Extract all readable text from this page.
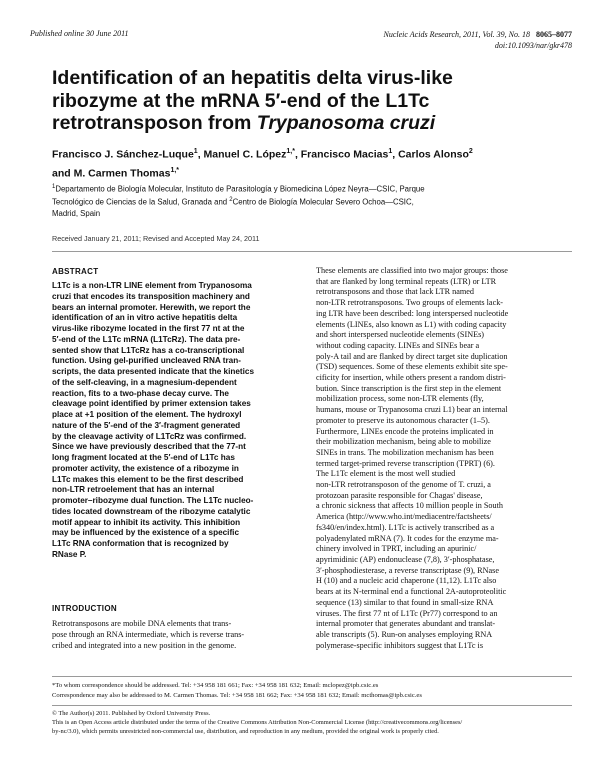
Published online 30 June 2011	Nucleic Acids Research, 2011, Vol. 39, No. 18 8065–8077
doi:10.1093/nar/gkr478
Identification of an hepatitis delta virus-like
ribozyme at the mRNA 5′-end of the L1Tc
retrotransposon from Trypanosoma cruzi
Francisco J. Sánchez-Luque$^1$, Manuel C. López$^{1,*}$, Francisco Macias$^1$, Carlos Alonso$^2$
and M. Carmen Thomas$^{1,*}$
$^1$Departamento de Biología Molecular, Instituto de Parasitología y Biomedicina López Neyra—CSIC, Parque
Tecnológico de Ciencias de la Salud, Granada and $^2$Centro de Biología Molecular Severo Ochoa—CSIC,
Madrid, Spain
Received January 21, 2011; Revised and Accepted May 24, 2011
ABSTRACT
L1Tc is a non-LTR LINE element from Trypanosoma
cruzi that encodes its transposition machinery and
bears an internal promoter. Herewith, we report the
identification of an in vitro active hepatitis delta
virus-like ribozyme located in the first 77 nt at the
5′-end of the L1Tc mRNA (L1TcRz). The data pre-
sented show that L1TcRz has a co-transcriptional
function. Using gel-purified uncleaved RNA tran-
scripts, the data presented indicate that the kinetics
of the self-cleaving, in a magnesium-dependent
reaction, fits to a two-phase decay curve. The
cleavage point identified by primer extension takes
place at +1 position of the element. The hydroxyl
nature of the 5′-end of the 3′-fragment generated
by the cleavage activity of L1TcRz was confirmed.
Since we have previously described that the 77-nt
long fragment located at the 5′-end of L1Tc has
promoter activity, the existence of a ribozyme in
L1Tc makes this element to be the first described
non-LTR retroelement that has an internal
promoter–ribozyme dual function. The L1Tc nucleo-
tides located downstream of the ribozyme catalytic
motif appear to inhibit its activity. This inhibition
may be influenced by the existence of a specific
L1Tc RNA conformation that is recognized by
RNase P.
INTRODUCTION
Retrotransposons are mobile DNA elements that trans-
pose through an RNA intermediate, which is reverse trans-
cribed and integrated into a new position in the genome.
These elements are classified into two major groups: those
that are flanked by long terminal repeats (LTR) or LTR
retrotransposons and those that lack LTR named
non-LTR retrotransposons. Two groups of elements lack-
ing LTR have been described: long interspersed nucleotide
elements (LINEs, also known as L1) with coding capacity
and short interspersed nucleotide elements (SINEs)
without coding capacity. LINEs and SINEs bear a
poly-A tail and are flanked by direct target site duplication
(TSD) sequences. Some of these elements exhibit site spe-
cificity for insertion, while others present a random distri-
bution. Since transcription is the first step in the element
mobilization process, some non-LTR elements (fly,
humans, mouse or Trypanosoma cruzi L1) bear an internal
promoter to preserve its autonomous character (1–5).
Furthermore, LINEs encode the proteins implicated in
their mobilization mechanism, being able to mobilize
SINEs in trans. The mobilization mechanism has been
termed target-primed reverse transcription (TPRT) (6).
The L1Tc element is the most well studied
non-LTR retrotransposon of the genome of T. cruzi, a
protozoan parasite responsible for Chagas' disease,
a chronic sickness that affects 10 million people in South
America (http://www.who.int/mediacentre/factsheets/
fs340/en/index.html). L1Tc is actively transcribed as a
polyadenylated mRNA (7). It codes for the enzyme ma-
chinery involved in TPRT, including an apurinic/
apyrimidinic (AP) endonuclease (7,8), 3′-phosphatase,
3′-phosphodiesterase, a reverse transcriptase (9), RNase
H (10) and a nucleic acid chaperone (11,12). L1Tc also
bears at its N-terminal end a functional 2A-autoproteolitic
sequence (13) similar to that found in small-size RNA
viruses. The first 77 nt of L1Tc (Pr77) correspond to an
internal promoter that generates abundant and translat-
able transcripts (5). Run-on analyses employing RNA
polymerase-specific inhibitors suggest that L1Tc is
*To whom correspondence should be addressed. Tel: +34 958 181 661; Fax: +34 958 181 632; Email: mclopez@ipb.csic.es
Correspondence may also be addressed to M. Carmen Thomas. Tel: +34 958 181 662; Fax: +34 958 181 632; Email: mcthomas@ipb.csic.es
© The Author(s) 2011. Published by Oxford University Press.
This is an Open Access article distributed under the terms of the Creative Commons Attribution Non-Commercial License (http://creativecommons.org/licenses/
by-nc/3.0), which permits unrestricted non-commercial use, distribution, and reproduction in any medium, provided the original work is properly cited.
